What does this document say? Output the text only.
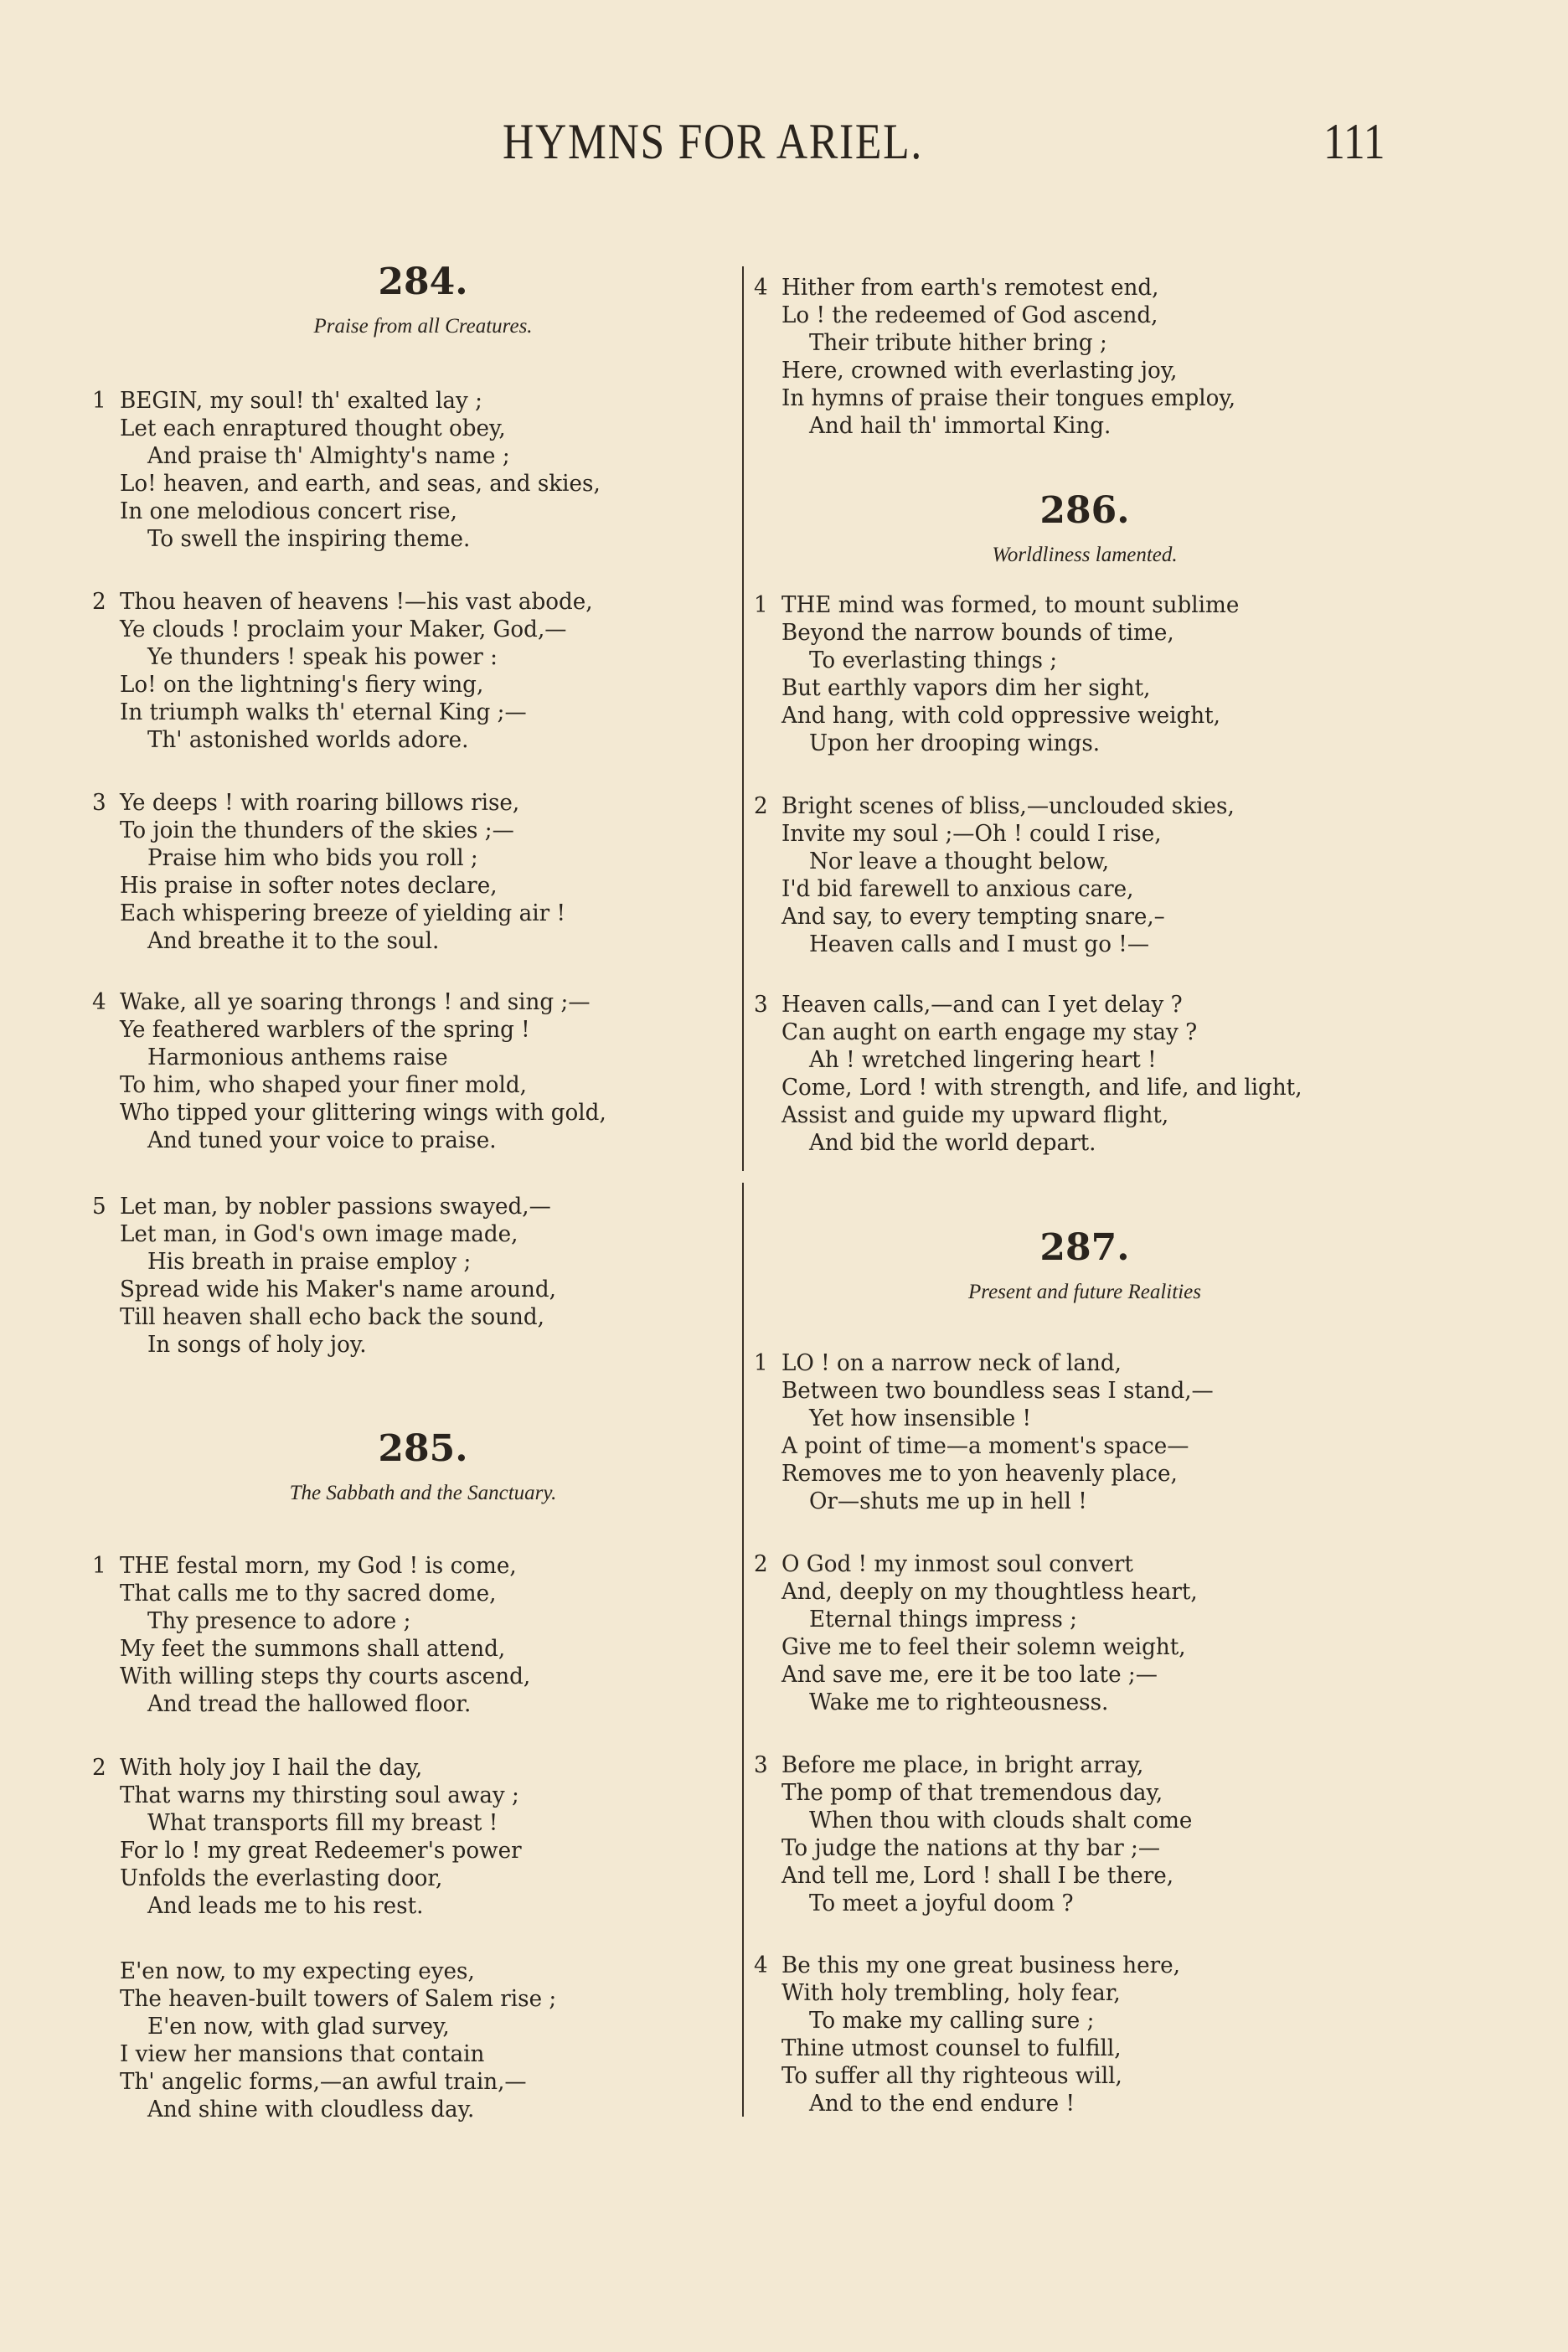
HYMNS FOR ARIEL.	111
284.
Praise from all Creatures.
1 BEGIN, my soul! th' exalted lay ;
Let each enraptured thought obey,
And praise th' Almighty's name ;
Lo! heaven, and earth, and seas, and skies,
In one melodious concert rise,
To swell the inspiring theme.
2 Thou heaven of heavens !—his vast abode,
Ye clouds ! proclaim your Maker, God,—
Ye thunders ! speak his power :
Lo! on the lightning's fiery wing,
In triumph walks th' eternal King ;—
Th' astonished worlds adore.
3 Ye deeps ! with roaring billows rise,
To join the thunders of the skies ;—
Praise him who bids you roll ;
His praise in softer notes declare,
Each whispering breeze of yielding air !
And breathe it to the soul.
4 Wake, all ye soaring throngs ! and sing ;—
Ye feathered warblers of the spring !
Harmonious anthems raise
To him, who shaped your finer mold,
Who tipped your glittering wings with gold,
And tuned your voice to praise.
5 Let man, by nobler passions swayed,—
Let man, in God's own image made,
His breath in praise employ ;
Spread wide his Maker's name around,
Till heaven shall echo back the sound,
In songs of holy joy.
285.
The Sabbath and the Sanctuary.
1 THE festal morn, my God ! is come,
That calls me to thy sacred dome,
Thy presence to adore ;
My feet the summons shall attend,
With willing steps thy courts ascend,
And tread the hallowed floor.
2 With holy joy I hail the day,
That warns my thirsting soul away ;
What transports fill my breast !
For lo ! my great Redeemer's power
Unfolds the everlasting door,
And leads me to his rest.
E'en now, to my expecting eyes,
The heaven-built towers of Salem rise ;
E'en now, with glad survey,
I view her mansions that contain
Th' angelic forms,—an awful train,—
And shine with cloudless day.
4 Hither from earth's remotest end,
Lo ! the redeemed of God ascend,
Their tribute hither bring ;
Here, crowned with everlasting joy,
In hymns of praise their tongues employ,
And hail th' immortal King.
286.
Worldliness lamented.
1 THE mind was formed, to mount sublime
Beyond the narrow bounds of time,
To everlasting things ;
But earthly vapors dim her sight,
And hang, with cold oppressive weight,
Upon her drooping wings.
2 Bright scenes of bliss,—unclouded skies,
Invite my soul ;—Oh ! could I rise,
Nor leave a thought below,
I'd bid farewell to anxious care,
And say, to every tempting snare,–
Heaven calls and I must go !—
3 Heaven calls,—and can I yet delay ?
Can aught on earth engage my stay ?
Ah ! wretched lingering heart !
Come, Lord ! with strength, and life, and light,
Assist and guide my upward flight,
And bid the world depart.
287.
Present and future Realities
1 LO ! on a narrow neck of land,
Between two boundless seas I stand,—
Yet how insensible !
A point of time—a moment's space—
Removes me to yon heavenly place,
Or—shuts me up in hell !
2 O God ! my inmost soul convert
And, deeply on my thoughtless heart,
Eternal things impress ;
Give me to feel their solemn weight,
And save me, ere it be too late ;—
Wake me to righteousness.
3 Before me place, in bright array,
The pomp of that tremendous day,
When thou with clouds shalt come
To judge the nations at thy bar ;—
And tell me, Lord ! shall I be there,
To meet a joyful doom ?
4 Be this my one great business here,
With holy trembling, holy fear,
To make my calling sure ;
Thine utmost counsel to fulfill,
To suffer all thy righteous will,
And to the end endure !
